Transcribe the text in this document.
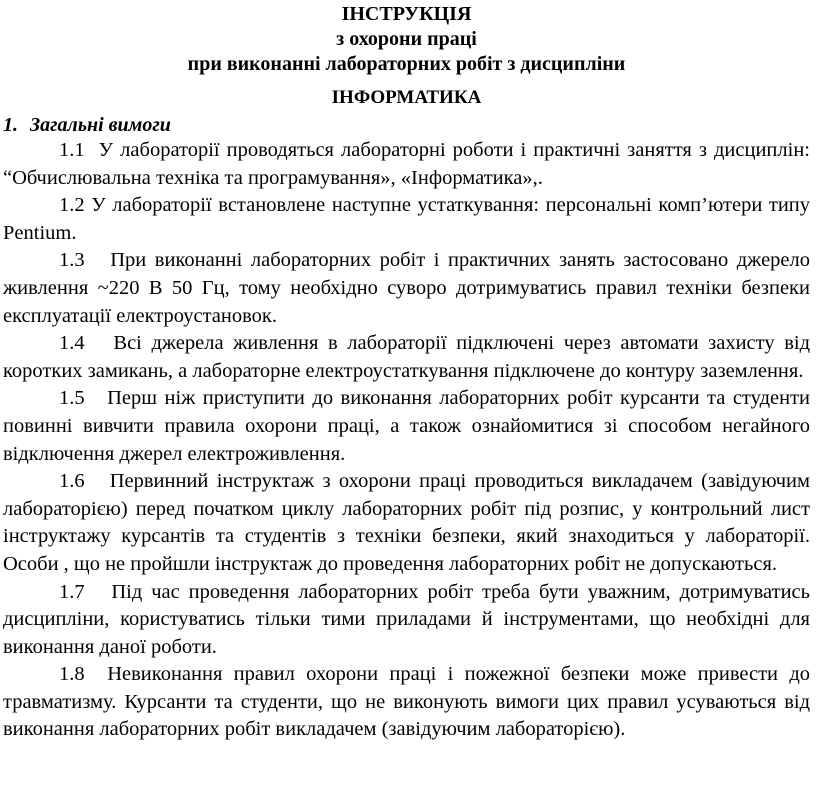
ІНСТРУКЦІЯ
з охорони праці
при виконанні лабораторних робіт з дисципліни
ІНФОРМАТИКА
1. Загальні вимоги

1.1 У лабораторії проводяться лабораторні роботи і практичні заняття з дисциплін: “Обчислювальна техніка та програмування», «Інформатика»,.

1.2 У лабораторії встановлене наступне устаткування: персональні комп’ютери типу Pentium.

1.3 При виконанні лабораторних робіт і практичних занять застосовано джерело живлення ~220 В 50 Гц, тому необхідно суворо дотримуватись правил техніки безпеки експлуатації електроустановок.

1.4 Всі джерела живлення в лабораторії підключені через автомати захисту від коротких замикань, а лабораторне електроустаткування підключене до контуру заземлення.

1.5 Перш ніж приступити до виконання лабораторних робіт курсанти та студенти повинні вивчити правила охорони праці, а також ознайомитися зі способом негайного відключення джерел електроживлення.

1.6 Первинний інструктаж з охорони праці проводиться викладачем (завідуючим лабораторією) перед початком циклу лабораторних робіт під розпис, у контрольний лист інструктажу курсантів та студентів з техніки безпеки, який знаходиться у лабораторії. Особи , що не пройшли інструктаж до проведення лабораторних робіт не допускаються.

1.7 Під час проведення лабораторних робіт треба бути уважним, дотримуватись дисципліни, користуватись тільки тими приладами й інструментами, що необхідні для виконання даної роботи.

1.8 Невиконання правил охорони праці і пожежної безпеки може привести до травматизму. Курсанти та студенти, що не виконують вимоги цих правил усуваються від виконання лабораторних робіт викладачем (завідуючим лабораторією).
